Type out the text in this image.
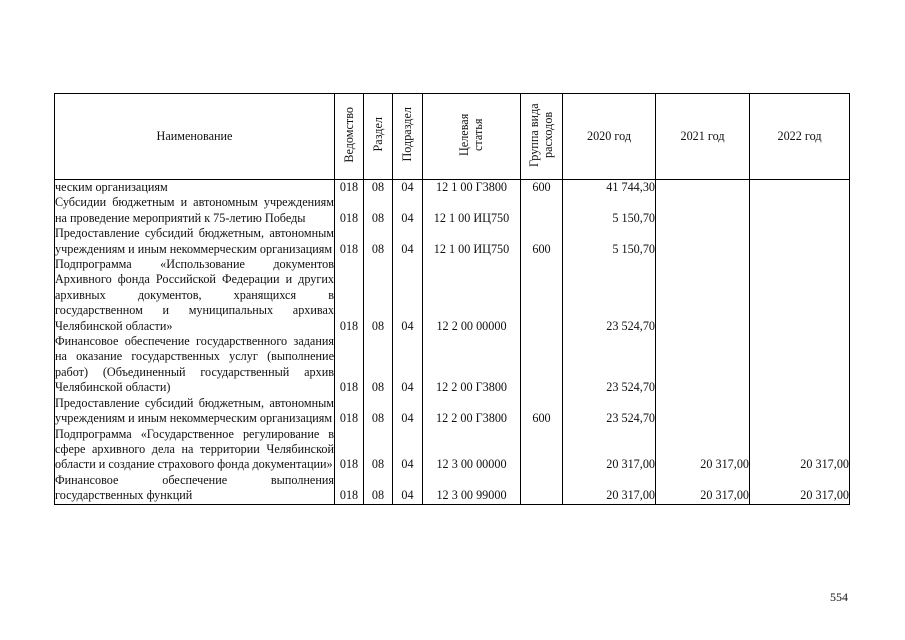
Наименование	Ведомство	Раздел	Подраздел	Целевая статья	Группа вида расходов	2020 год	2021 год	2022 год
ческим организациям	018	08	04	12 1 00 Г3800	600	41 744,30		
Субсидии бюджетным и автономным учреждениям на проведение мероприятий к 75-летию Победы	018	08	04	12 1 00 ИЦ750		5 150,70		
Предоставление субсидий бюджетным, автономным учреждениям и иным некоммерческим организациям	018	08	04	12 1 00 ИЦ750	600	5 150,70		
Подпрограмма «Использование документов Архивного фонда Российской Федерации и других архивных документов, хранящихся в государственном и муниципальных архивах Челябинской области»	018	08	04	12 2 00 00000		23 524,70		
Финансовое обеспечение государственного задания на оказание государственных услуг (выполнение работ) (Объединенный государственный архив Челябинской области)	018	08	04	12 2 00 Г3800		23 524,70		
Предоставление субсидий бюджетным, автономным учреждениям и иным некоммерческим организациям	018	08	04	12 2 00 Г3800	600	23 524,70		
Подпрограмма «Государственное регулирование в сфере архивного дела на территории Челябинской области и создание страхового фонда документации»	018	08	04	12 3 00 00000		20 317,00	20 317,00	20 317,00
Финансовое обеспечение выполнения государственных функций	018	08	04	12 3 00 99000		20 317,00	20 317,00	20 317,00
554
